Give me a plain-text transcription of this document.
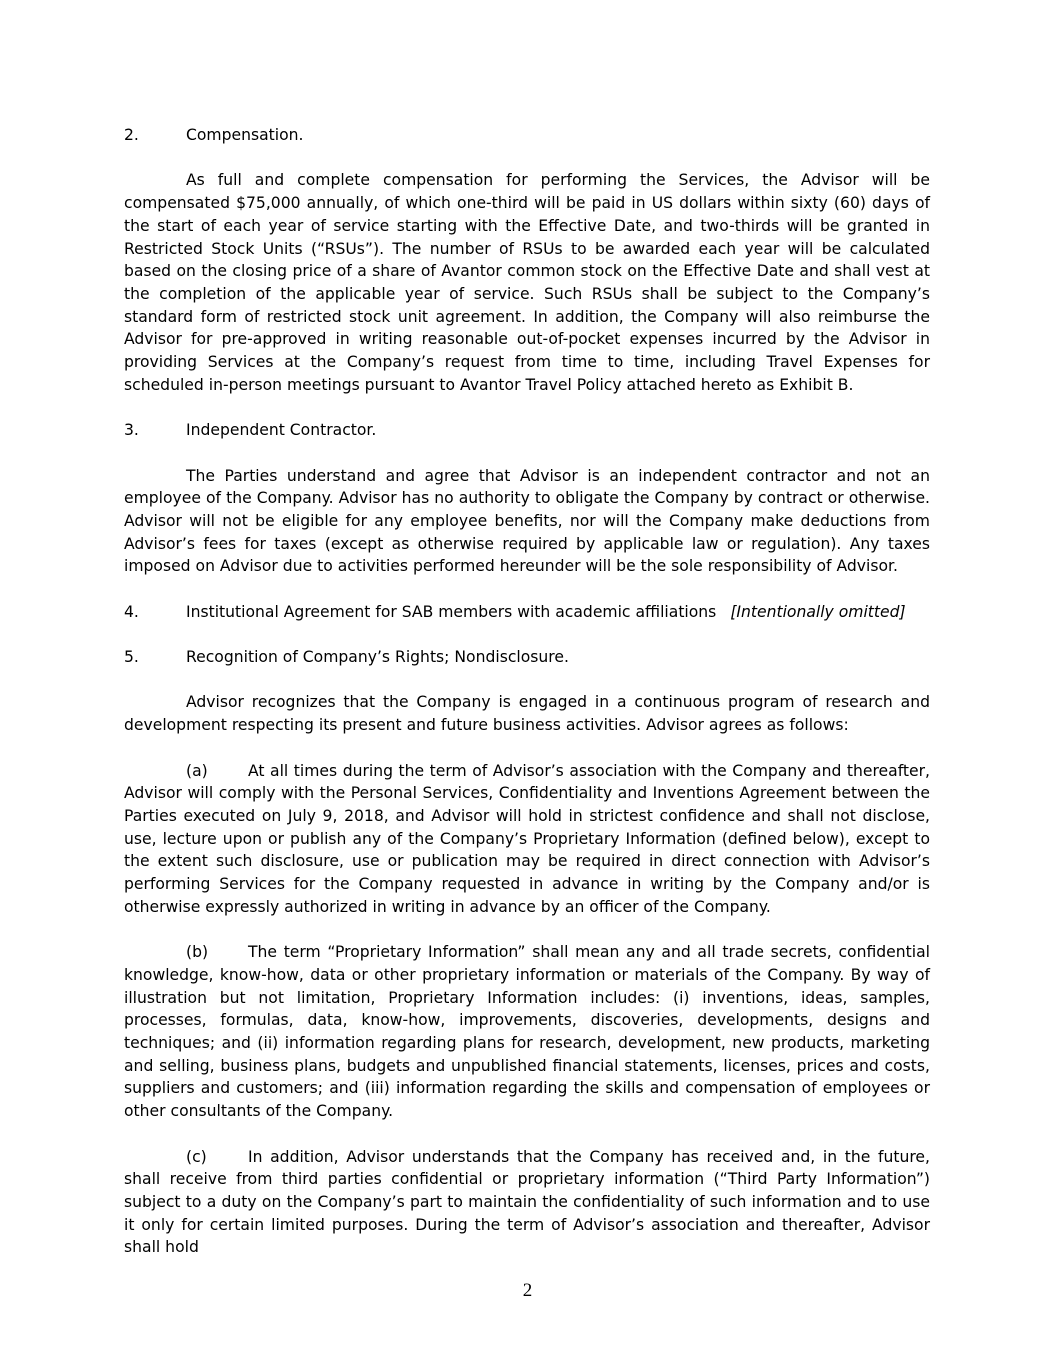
2.	Compensation.

As full and complete compensation for performing the Services, the Advisor will be compensated $75,000 annually, of which one-third will be paid in US dollars within sixty (60) days of the start of each year of service starting with the Effective Date, and two-thirds will be granted in Restricted Stock Units (“RSUs”). The number of RSUs to be awarded each year will be calculated based on the closing price of a share of Avantor common stock on the Effective Date and shall vest at the completion of the applicable year of service. Such RSUs shall be subject to the Company’s standard form of restricted stock unit agreement. In addition, the Company will also reimburse the Advisor for pre-approved in writing reasonable out-of-pocket expenses incurred by the Advisor in providing Services at the Company’s request from time to time, including Travel Expenses for scheduled in-person meetings pursuant to Avantor Travel Policy attached hereto as Exhibit B.

3.	Independent Contractor.

The Parties understand and agree that Advisor is an independent contractor and not an employee of the Company. Advisor has no authority to obligate the Company by contract or otherwise. Advisor will not be eligible for any employee benefits, nor will the Company make deductions from Advisor’s fees for taxes (except as otherwise required by applicable law or regulation). Any taxes imposed on Advisor due to activities performed hereunder will be the sole responsibility of Advisor.

4.	Institutional Agreement for SAB members with academic affiliations [Intentionally omitted]
5.	Recognition of Company’s Rights; Nondisclosure.

Advisor recognizes that the Company is engaged in a continuous program of research and development respecting its present and future business activities. Advisor agrees as follows:

(a)	At all times during the term of Advisor’s association with the Company and thereafter, Advisor will comply with the Personal Services, Confidentiality and Inventions Agreement between the Parties executed on July 9, 2018, and Advisor will hold in strictest confidence and shall not disclose, use, lecture upon or publish any of the Company’s Proprietary Information (defined below), except to the extent such disclosure, use or publication may be required in direct connection with Advisor’s performing Services for the Company requested in advance in writing by the Company and/or is otherwise expressly authorized in writing in advance by an officer of the Company.

(b)	The term “Proprietary Information” shall mean any and all trade secrets, confidential knowledge, know-how, data or other proprietary information or materials of the Company. By way of illustration but not limitation, Proprietary Information includes: (i) inventions, ideas, samples, processes, formulas, data, know-how, improvements, discoveries, developments, designs and techniques; and (ii) information regarding plans for research, development, new products, marketing and selling, business plans, budgets and unpublished financial statements, licenses, prices and costs, suppliers and customers; and (iii) information regarding the skills and compensation of employees or other consultants of the Company.

(c)	In addition, Advisor understands that the Company has received and, in the future, shall receive from third parties confidential or proprietary information (“Third Party Information”) subject to a duty on the Company’s part to maintain the confidentiality of such information and to use it only for certain limited purposes. During the term of Advisor’s association and thereafter, Advisor shall hold

2
